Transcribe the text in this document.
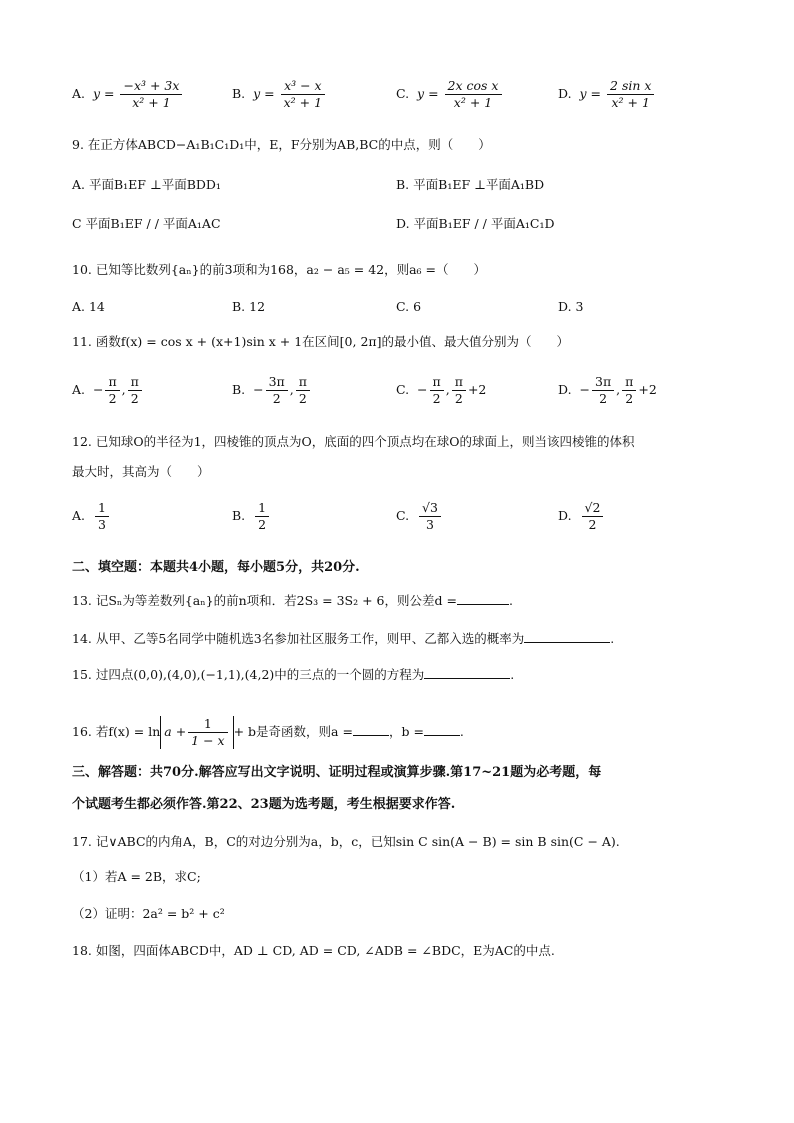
A. $y = \frac{\text{−x³ + 3x}}{\text{x² + 1}}$	B. $y = \frac{\text{x³ − x}}{\text{x² + 1}}$	C. $y = \frac{\text{2x cos x}}{\text{x² + 1}}$	D. $y = \frac{\text{2 sin x}}{\text{x² + 1}}$
9. 在正方体ABCD−A₁B₁C₁D₁中，E，F分别为AB,BC的中点，则（　　）
A. 平面B₁EF ⊥平面BDD₁	B. 平面B₁EF ⊥平面A₁BD
C 平面B₁EF / / 平面A₁AC	D. 平面B₁EF / / 平面A₁C₁D
10. 已知等比数列{aₙ}的前3项和为168，a₂ − a₅ = 42，则a₆ =（　　）
A. 14	B. 12	C. 6	D. 3
11. 函数f(x) = cos x + (x+1)sin x + 1在区间[0, 2π]的最小值、最大值分别为（　　）
A. − $\frac{\pi}{2}$ , $\frac{\pi}{2}$	B. − $\frac{3\pi}{2}$ , $\frac{\pi}{2}$	C. − $\frac{\pi}{2}$ , $\frac{\pi}{2} +2$	D. − $\frac{3\pi}{2}$ , $\frac{\pi}{2} +2$
12. 已知球O的半径为1，四棱锥的顶点为O，底面的四个顶点均在球O的球面上，则当该四棱锥的体积
最大时，其高为（　　）
A. $\frac{1}{3}$	B. $\frac{1}{2}$	C. $\frac{√3}{3}$	D. $\frac{√2}{2}$
二、填空题：本题共4小题，每小题5分，共20分.
13. 记Sₙ为等差数列{aₙ}的前n项和．若2S₃ = 3S₂ + 6，则公差d =	.
14. 从甲、乙等5名同学中随机选3名参加社区服务工作，则甲、乙都入选的概率为	.
15. 过四点(0,0),(4,0),(−1,1),(4,2)中的三点的一个圆的方程为	.
16. 若$f(x) = \ln a + \frac{1}{1 - x} + b$是奇函数，则a =	，b =	.
三、解答题：共70分.解答应写出文字说明、证明过程或演算步骤.第17~21题为必考题，每
个试题考生都必须作答.第22、23题为选考题，考生根据要求作答.
17. 记∨ABC的内角A，B，C的对边分别为a，b，c，已知sin C sin(A − B) = sin B sin(C − A).
（1）若A = 2B，求C;
（2）证明：2a² = b² + c²
18. 如图，四面体ABCD中，AD ⊥ CD, AD = CD, ∠ADB = ∠BDC，E为AC的中点.
